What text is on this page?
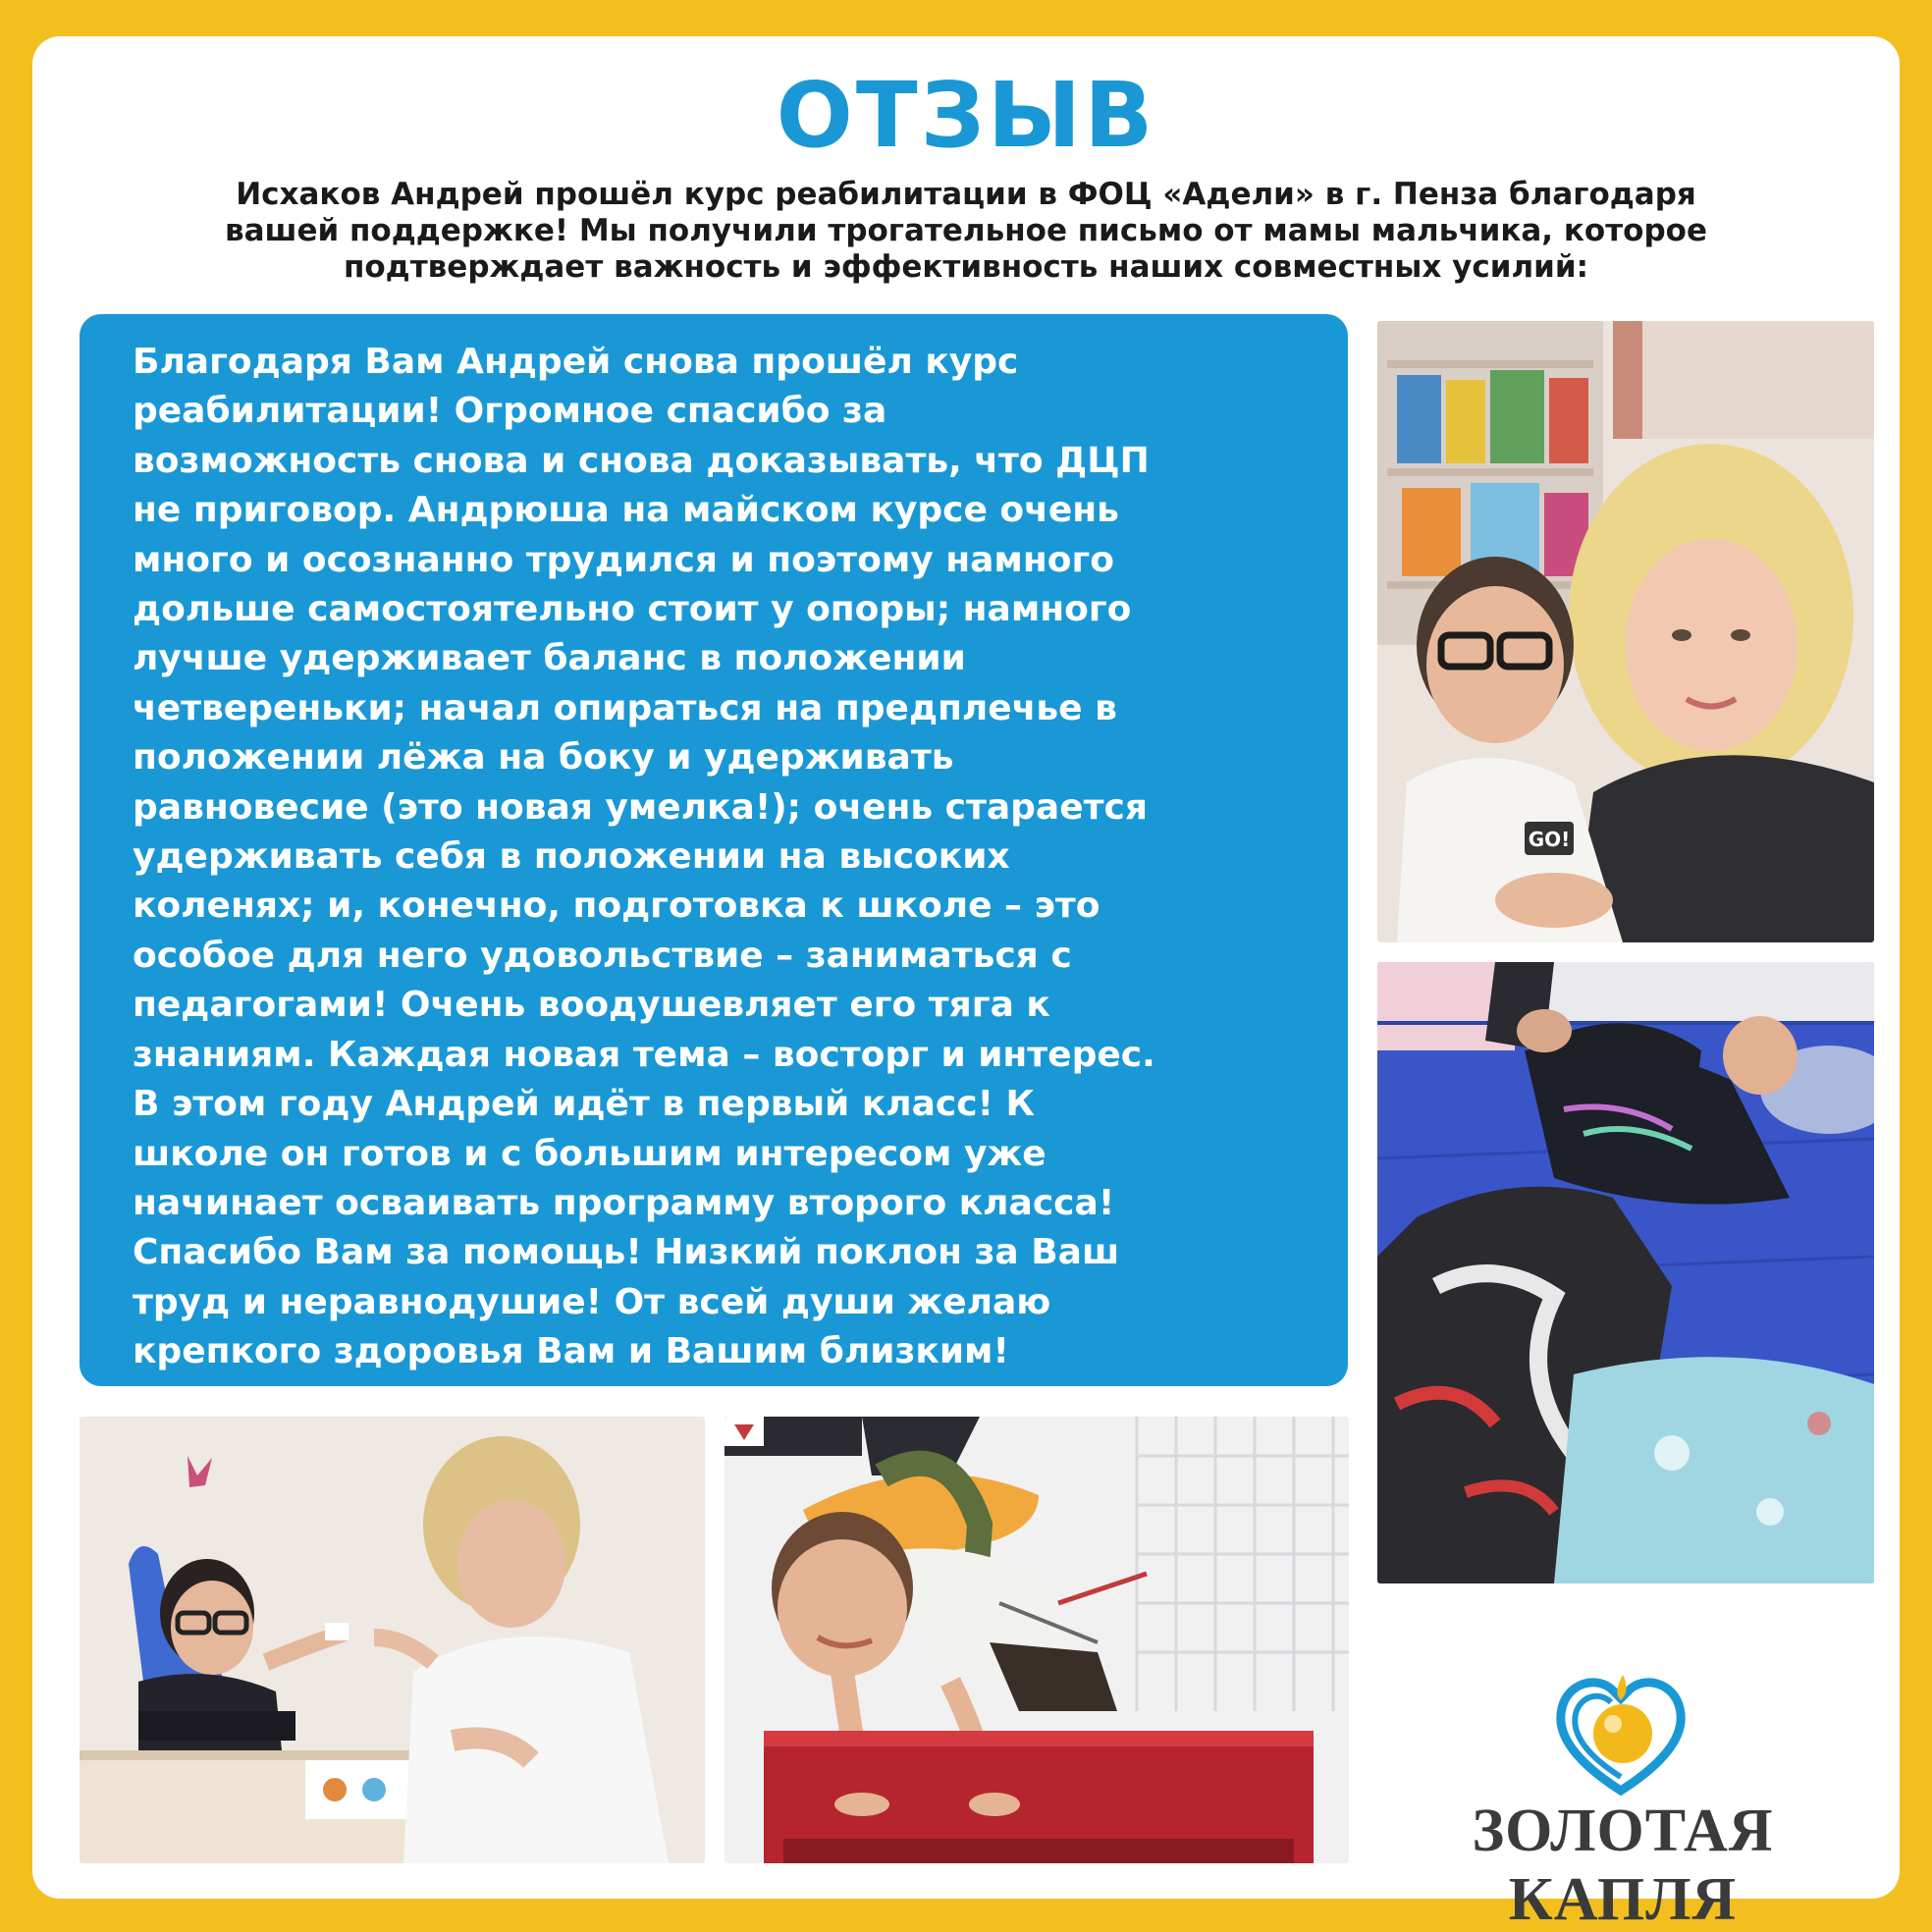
ОТЗЫВ
Исхаков Андрей прошёл курс реабилитации в ФОЦ «Адели» в г. Пенза благодаря
вашей поддержке! Мы получили трогательное письмо от мамы мальчика, которое
подтверждает важность и эффективность наших совместных усилий:
Благодаря Вам Андрей снова прошёл курс
реабилитации! Огромное спасибо за
возможность снова и снова доказывать, что ДЦП
не приговор. Андрюша на майском курсе очень
много и осознанно трудился и поэтому намного
дольше самостоятельно стоит у опоры; намного
лучше удерживает баланс в положении
четвереньки; начал опираться на предплечье в
положении лёжа на боку и удерживать
равновесие (это новая умелка!); очень старается
удерживать себя в положении на высоких
коленях; и, конечно, подготовка к школе – это
особое для него удовольствие – заниматься с
педагогами! Очень воодушевляет его тяга к
знаниям. Каждая новая тема – восторг и интерес.
В этом году Андрей идёт в первый класс! К
школе он готов и с большим интересом уже
начинает осваивать программу второго класса!
Спасибо Вам за помощь! Низкий поклон за Ваш
труд и неравнодушие! От всей души желаю
крепкого здоровья Вам и Вашим близким!
GO!
ЗОЛОТАЯ КАПЛЯ
